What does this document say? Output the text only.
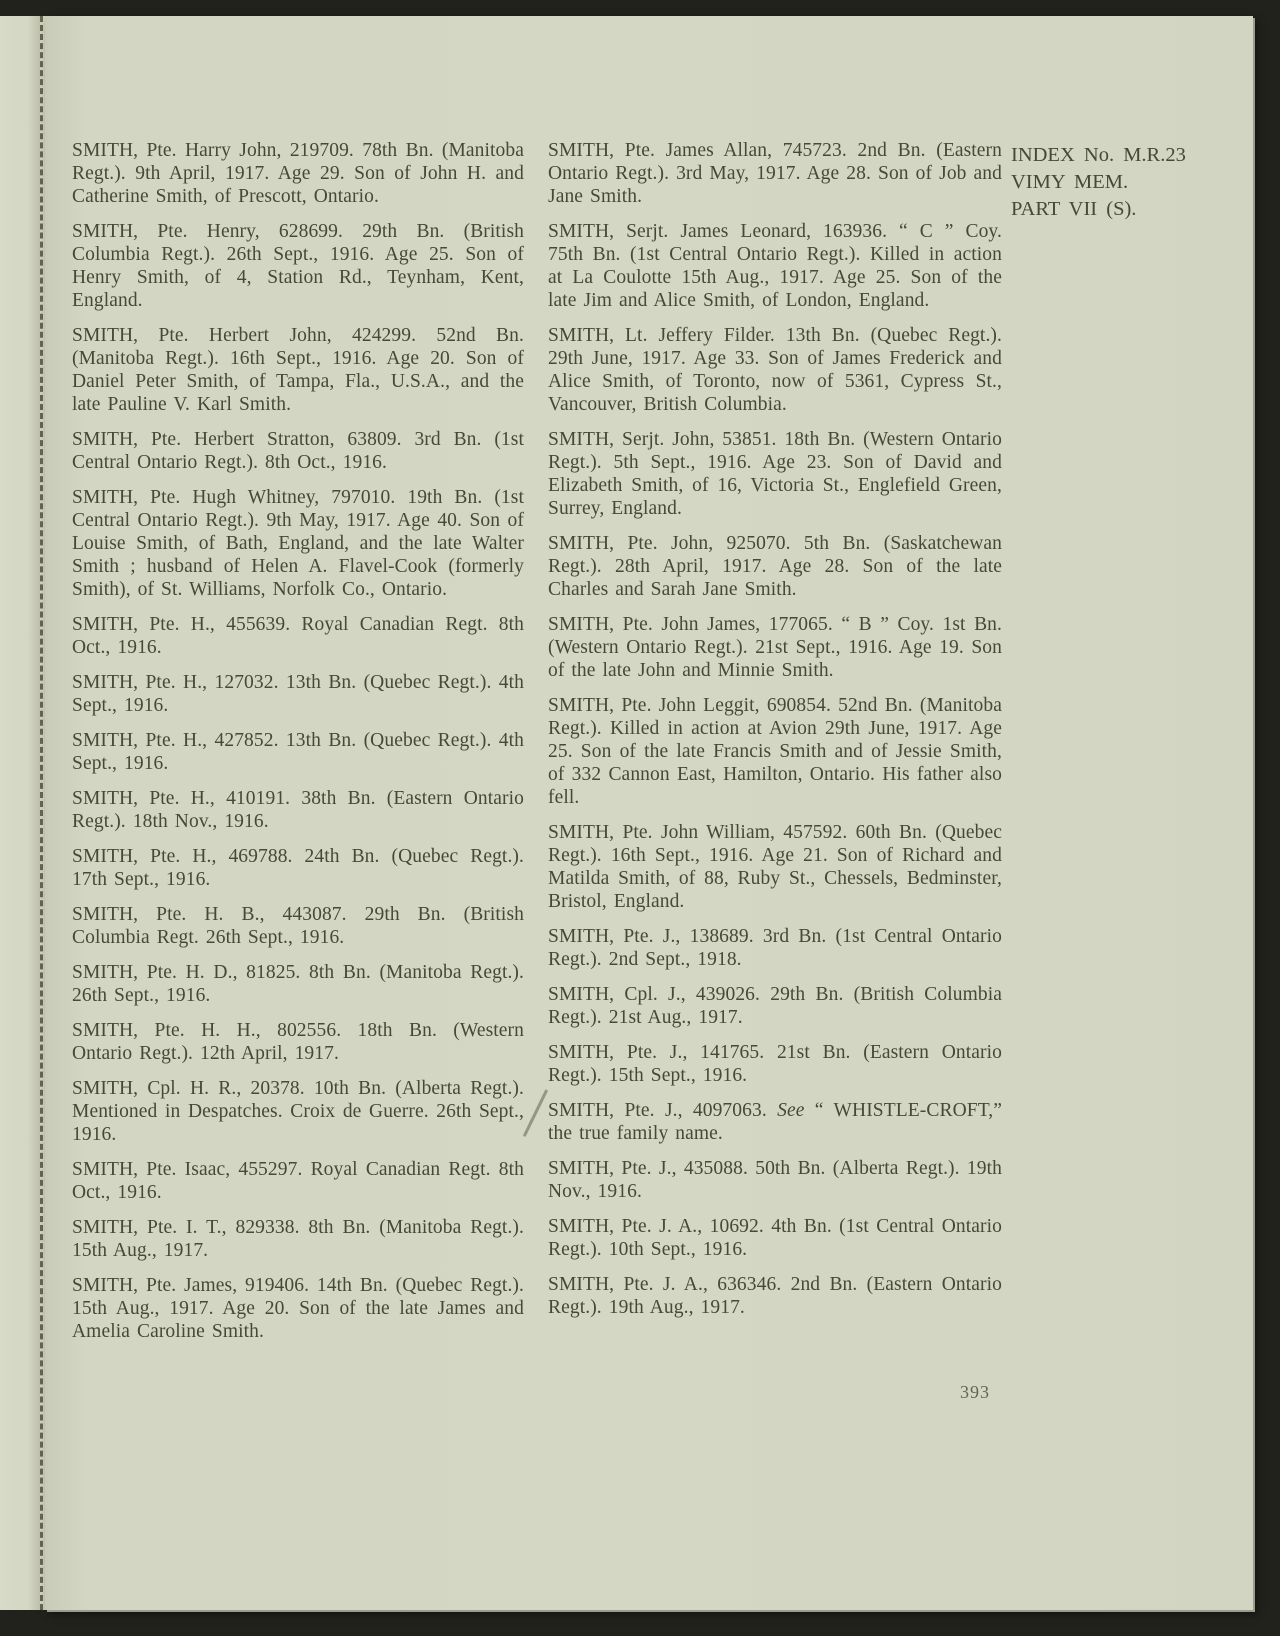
INDEX No. M.R.23
VIMY MEM.
PART VII (S).
SMITH, Pte. Harry John, 219709. 78th Bn. (Manitoba Regt.). 9th April, 1917. Age 29. Son of John H. and Catherine Smith, of Prescott, Ontario.
SMITH, Pte. Henry, 628699. 29th Bn. (British Columbia Regt.). 26th Sept., 1916. Age 25. Son of Henry Smith, of 4, Station Rd., Teynham, Kent, England.
SMITH, Pte. Herbert John, 424299. 52nd Bn. (Manitoba Regt.). 16th Sept., 1916. Age 20. Son of Daniel Peter Smith, of Tampa, Fla., U.S.A., and the late Pauline V. Karl Smith.
SMITH, Pte. Herbert Stratton, 63809. 3rd Bn. (1st Central Ontario Regt.). 8th Oct., 1916.
SMITH, Pte. Hugh Whitney, 797010. 19th Bn. (1st Central Ontario Regt.). 9th May, 1917. Age 40. Son of Louise Smith, of Bath, England, and the late Walter Smith ; husband of Helen A. Flavel-Cook (formerly Smith), of St. Williams, Norfolk Co., Ontario.
SMITH, Pte. H., 455639. Royal Canadian Regt. 8th Oct., 1916.
SMITH, Pte. H., 127032. 13th Bn. (Quebec Regt.). 4th Sept., 1916.
SMITH, Pte. H., 427852. 13th Bn. (Quebec Regt.). 4th Sept., 1916.
SMITH, Pte. H., 410191. 38th Bn. (Eastern Ontario Regt.). 18th Nov., 1916.
SMITH, Pte. H., 469788. 24th Bn. (Quebec Regt.). 17th Sept., 1916.
SMITH, Pte. H. B., 443087. 29th Bn. (British Columbia Regt. 26th Sept., 1916.
SMITH, Pte. H. D., 81825. 8th Bn. (Manitoba Regt.). 26th Sept., 1916.
SMITH, Pte. H. H., 802556. 18th Bn. (Western Ontario Regt.). 12th April, 1917.
SMITH, Cpl. H. R., 20378. 10th Bn. (Alberta Regt.). Mentioned in Despatches. Croix de Guerre. 26th Sept., 1916.
SMITH, Pte. Isaac, 455297. Royal Canadian Regt. 8th Oct., 1916.
SMITH, Pte. I. T., 829338. 8th Bn. (Manitoba Regt.). 15th Aug., 1917.
SMITH, Pte. James, 919406. 14th Bn. (Quebec Regt.). 15th Aug., 1917. Age 20. Son of the late James and Amelia Caroline Smith.
SMITH, Pte. James Allan, 745723. 2nd Bn. (Eastern Ontario Regt.). 3rd May, 1917. Age 28. Son of Job and Jane Smith.
SMITH, Serjt. James Leonard, 163936. “ C ” Coy. 75th Bn. (1st Central Ontario Regt.). Killed in action at La Coulotte 15th Aug., 1917. Age 25. Son of the late Jim and Alice Smith, of London, England.
SMITH, Lt. Jeffery Filder. 13th Bn. (Quebec Regt.). 29th June, 1917. Age 33. Son of James Frederick and Alice Smith, of Toronto, now of 5361, Cypress St., Vancouver, British Columbia.
SMITH, Serjt. John, 53851. 18th Bn. (Western Ontario Regt.). 5th Sept., 1916. Age 23. Son of David and Elizabeth Smith, of 16, Victoria St., Englefield Green, Surrey, England.
SMITH, Pte. John, 925070. 5th Bn. (Saskatchewan Regt.). 28th April, 1917. Age 28. Son of the late Charles and Sarah Jane Smith.
SMITH, Pte. John James, 177065. “ B ” Coy. 1st Bn. (Western Ontario Regt.). 21st Sept., 1916. Age 19. Son of the late John and Minnie Smith.
SMITH, Pte. John Leggit, 690854. 52nd Bn. (Manitoba Regt.). Killed in action at Avion 29th June, 1917. Age 25. Son of the late Francis Smith and of Jessie Smith, of 332 Cannon East, Hamilton, Ontario. His father also fell.
SMITH, Pte. John William, 457592. 60th Bn. (Quebec Regt.). 16th Sept., 1916. Age 21. Son of Richard and Matilda Smith, of 88, Ruby St., Chessels, Bedminster, Bristol, England.
SMITH, Pte. J., 138689. 3rd Bn. (1st Central Ontario Regt.). 2nd Sept., 1918.
SMITH, Cpl. J., 439026. 29th Bn. (British Columbia Regt.). 21st Aug., 1917.
SMITH, Pte. J., 141765. 21st Bn. (Eastern Ontario Regt.). 15th Sept., 1916.
SMITH, Pte. J., 4097063. See “ WHISTLE-CROFT,” the true family name.
SMITH, Pte. J., 435088. 50th Bn. (Alberta Regt.). 19th Nov., 1916.
SMITH, Pte. J. A., 10692. 4th Bn. (1st Central Ontario Regt.). 10th Sept., 1916.
SMITH, Pte. J. A., 636346. 2nd Bn. (Eastern Ontario Regt.). 19th Aug., 1917.
393
